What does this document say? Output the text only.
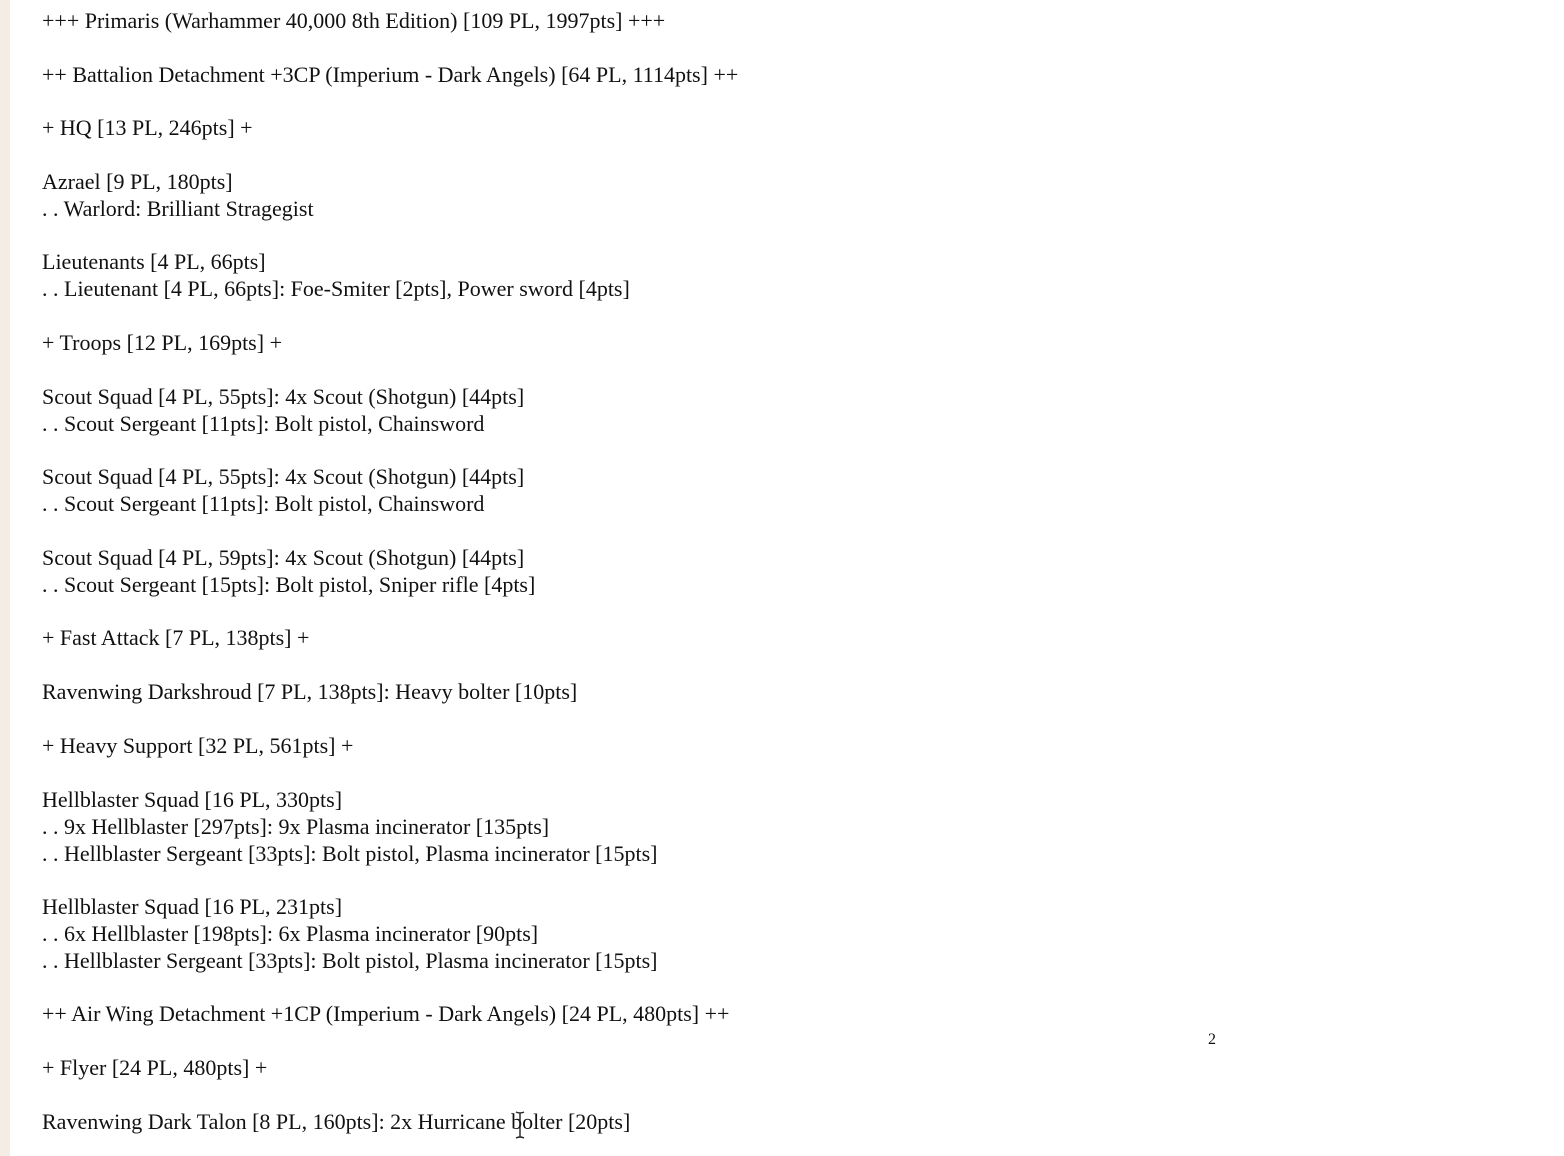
+++ Primaris (Warhammer 40,000 8th Edition) [109 PL, 1997pts] +++
++ Battalion Detachment +3CP (Imperium - Dark Angels) [64 PL, 1114pts] ++
+ HQ [13 PL, 246pts] +
Azrael [9 PL, 180pts]
. . Warlord: Brilliant Stragegist
Lieutenants [4 PL, 66pts]
. . Lieutenant [4 PL, 66pts]: Foe-Smiter [2pts], Power sword [4pts]
+ Troops [12 PL, 169pts] +
Scout Squad [4 PL, 55pts]: 4x Scout (Shotgun) [44pts]
. . Scout Sergeant [11pts]: Bolt pistol, Chainsword
Scout Squad [4 PL, 55pts]: 4x Scout (Shotgun) [44pts]
. . Scout Sergeant [11pts]: Bolt pistol, Chainsword
Scout Squad [4 PL, 59pts]: 4x Scout (Shotgun) [44pts]
. . Scout Sergeant [15pts]: Bolt pistol, Sniper rifle [4pts]
+ Fast Attack [7 PL, 138pts] +
Ravenwing Darkshroud [7 PL, 138pts]: Heavy bolter [10pts]
+ Heavy Support [32 PL, 561pts] +
Hellblaster Squad [16 PL, 330pts]
. . 9x Hellblaster [297pts]: 9x Plasma incinerator [135pts]
. . Hellblaster Sergeant [33pts]: Bolt pistol, Plasma incinerator [15pts]
Hellblaster Squad [16 PL, 231pts]
. . 6x Hellblaster [198pts]: 6x Plasma incinerator [90pts]
. . Hellblaster Sergeant [33pts]: Bolt pistol, Plasma incinerator [15pts]
++ Air Wing Detachment +1CP (Imperium - Dark Angels) [24 PL, 480pts] ++
+ Flyer [24 PL, 480pts] +
Ravenwing Dark Talon [8 PL, 160pts]: 2x Hurricane bolter [20pts]
2
